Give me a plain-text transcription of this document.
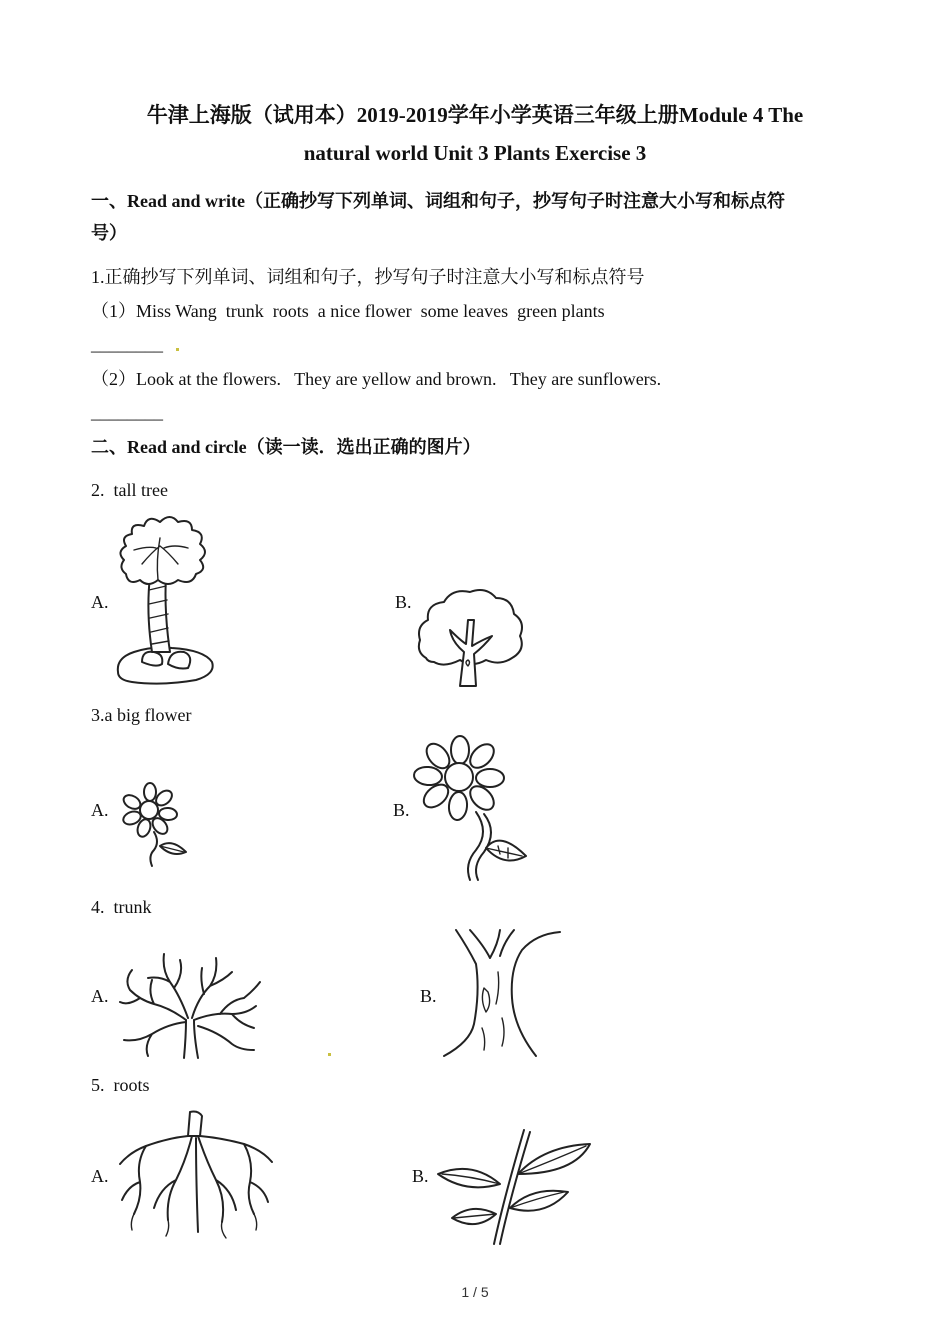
牛津上海版（试用本）2019-2019学年小学英语三年级上册Module 4 The
natural world Unit 3 Plants Exercise 3
一、Read and write（正确抄写下列单词、词组和句子，抄写句子时注意大小写和标点符
号）
1.正确抄写下列单词、词组和句子，抄写句子时注意大小写和标点符号
（1）Miss Wang  trunk  roots  a nice flower  some leaves  green plants
________
（2）Look at the flowers.   They are yellow and brown.   They are sunflowers.
________
二、Read and circle（读一读．选出正确的图片）
2.  tall tree
A.	B.
3.a big flower
A.	B.
4.  trunk
A.	B.
5.  roots
A.	B.
1 / 5
